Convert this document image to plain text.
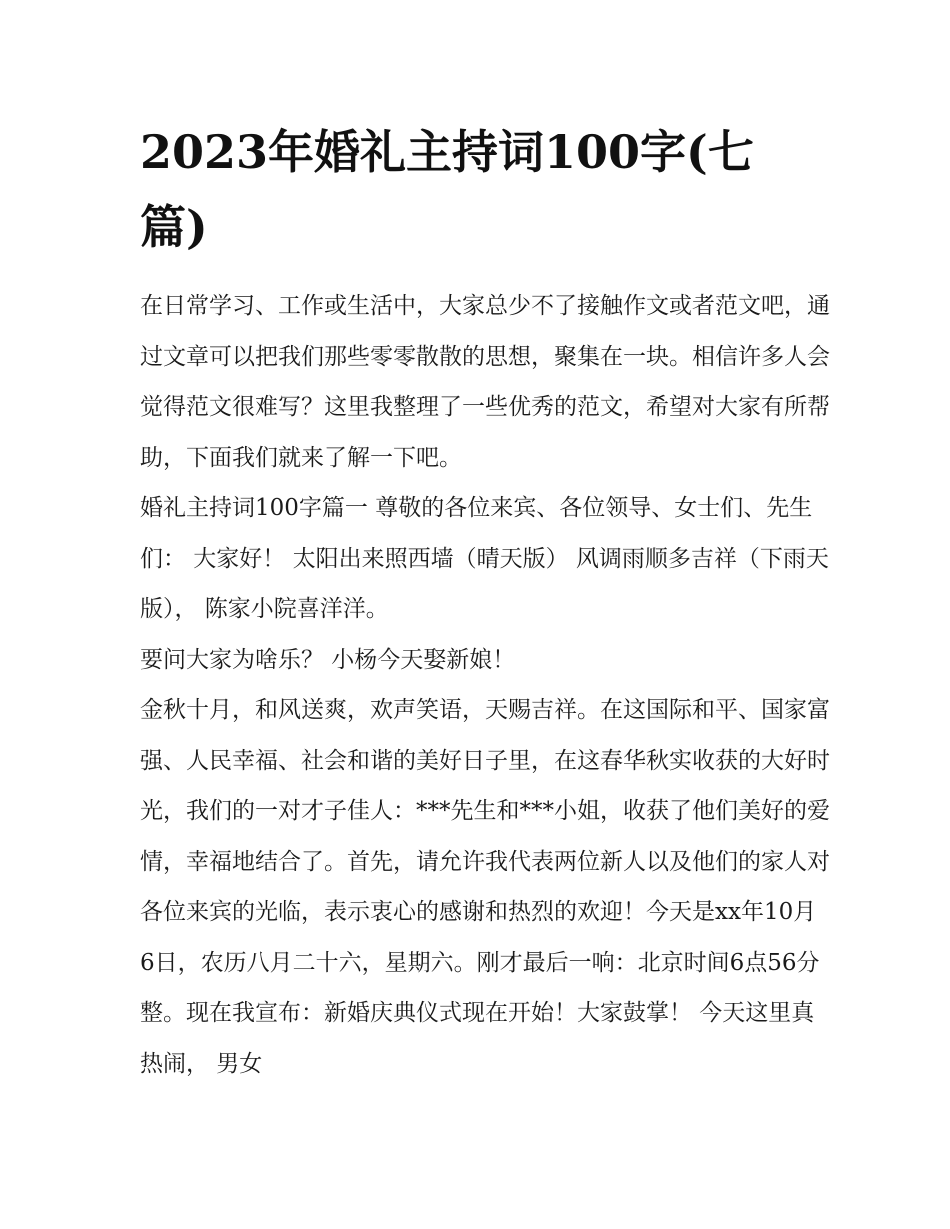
2023年婚礼主持词100字(七篇)

在日常学习、工作或生活中，大家总少不了接触作文或者范文吧，通过文章可以把我们那些零零散散的思想，聚集在一块。相信许多人会觉得范文很难写？这里我整理了一些优秀的范文，希望对大家有所帮助，下面我们就来了解一下吧。

婚礼主持词100字篇一 尊敬的各位来宾、各位领导、女士们、先生们： 大家好！ 太阳出来照西墙（晴天版） 风调雨顺多吉祥（下雨天版）， 陈家小院喜洋洋。

要问大家为啥乐？ 小杨今天娶新娘！

金秋十月，和风送爽，欢声笑语，天赐吉祥。在这国际和平、国家富强、人民幸福、社会和谐的美好日子里，在这春华秋实收获的大好时光，我们的一对才子佳人：***先生和***小姐，收获了他们美好的爱情，幸福地结合了。首先，请允许我代表两位新人以及他们的家人对各位来宾的光临，表示衷心的感谢和热烈的欢迎！今天是xx年10月6日，农历八月二十六，星期六。刚才最后一响：北京时间6点56分整。现在我宣布：新婚庆典仪式现在开始！大家鼓掌！ 今天这里真热闹， 男女
